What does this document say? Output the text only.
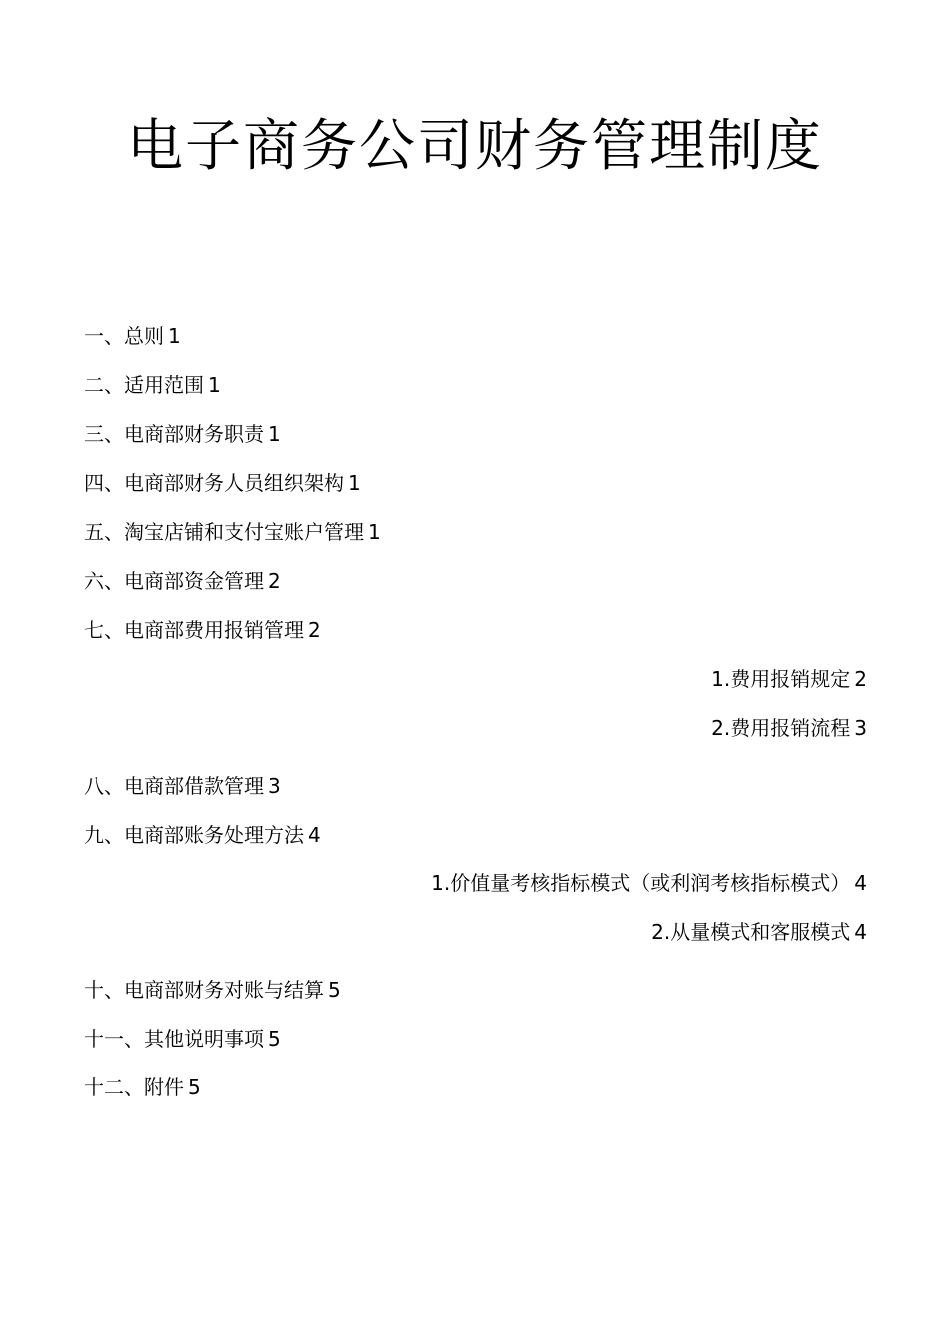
电子商务公司财务管理制度
一、总则 1
二、适用范围 1
三、电商部财务职责 1
四、电商部财务人员组织架构 1
五、淘宝店铺和支付宝账户管理 1
六、电商部资金管理 2
七、电商部费用报销管理 2
1.费用报销规定 2
2.费用报销流程 3
八、电商部借款管理 3
九、电商部账务处理方法 4
1.价值量考核指标模式（或利润考核指标模式） 4
2.从量模式和客服模式 4
十、电商部财务对账与结算 5
十一、其他说明事项 5
十二、附件 5
